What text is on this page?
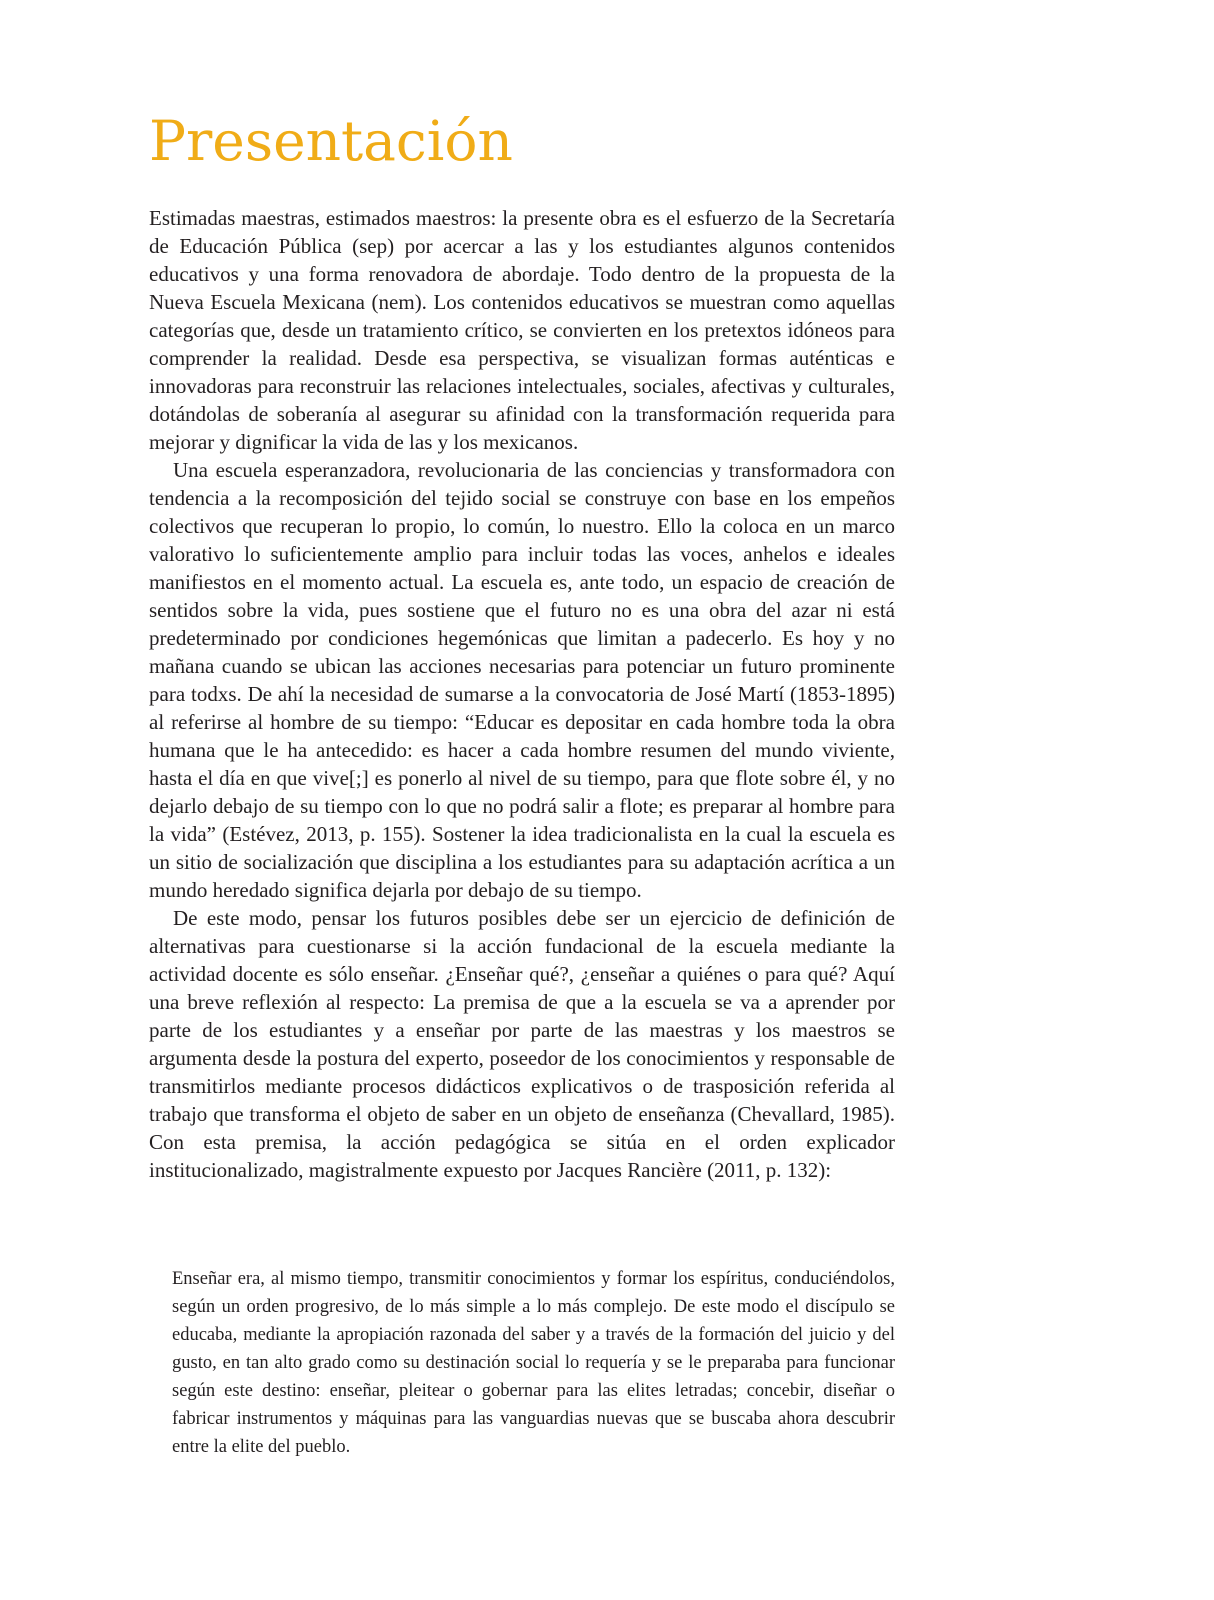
Presentación

Estimadas maestras, estimados maestros: la presente obra es el esfuerzo de la Secretaría de Educación Pública (sep) por acercar a las y los estudiantes algunos contenidos educativos y una forma renovadora de abordaje. Todo dentro de la propuesta de la Nueva Escuela Mexicana (nem). Los contenidos educativos se muestran como aquellas categorías que, desde un tratamiento crítico, se convierten en los pretextos idóneos para comprender la realidad. Desde esa perspectiva, se visualizan formas auténticas e innovadoras para reconstruir las relaciones intelectuales, sociales, afectivas y culturales, dotándolas de soberanía al asegurar su afinidad con la transformación requerida para mejorar y dignificar la vida de las y los mexicanos.

Una escuela esperanzadora, revolucionaria de las conciencias y transformadora con tendencia a la recomposición del tejido social se construye con base en los empeños colectivos que recuperan lo propio, lo común, lo nuestro. Ello la coloca en un marco valorativo lo suficientemente amplio para incluir todas las voces, anhelos e ideales manifiestos en el momento actual. La escuela es, ante todo, un espacio de creación de sentidos sobre la vida, pues sostiene que el futuro no es una obra del azar ni está predeterminado por condiciones hegemónicas que limitan a padecerlo. Es hoy y no mañana cuando se ubican las acciones necesarias para potenciar un futuro prominente para todxs. De ahí la necesidad de sumarse a la convocatoria de José Martí (1853-1895) al referirse al hombre de su tiempo: “Educar es depositar en cada hombre toda la obra humana que le ha antecedido: es hacer a cada hombre resumen del mundo viviente, hasta el día en que vive[;] es ponerlo al nivel de su tiempo, para que flote sobre él, y no dejarlo debajo de su tiempo con lo que no podrá salir a flote; es preparar al hombre para la vida” (Estévez, 2013, p. 155). Sostener la idea tradicionalista en la cual la escuela es un sitio de socialización que disciplina a los estudiantes para su adaptación acrítica a un mundo heredado significa dejarla por debajo de su tiempo.

De este modo, pensar los futuros posibles debe ser un ejercicio de definición de alternativas para cuestionarse si la acción fundacional de la escuela mediante la actividad docente es sólo enseñar. ¿Enseñar qué?, ¿enseñar a quiénes o para qué? Aquí una breve reflexión al respecto: La premisa de que a la escuela se va a aprender por parte de los estudiantes y a enseñar por parte de las maestras y los maestros se argumenta desde la postura del experto, poseedor de los conocimientos y responsable de transmitirlos mediante procesos didácticos explicativos o de trasposición referida al trabajo que transforma el objeto de saber en un objeto de enseñanza (Chevallard, 1985). Con esta premisa, la acción pedagógica se sitúa en el orden explicador institucionalizado, magistralmente expuesto por Jacques Rancière (2011, p. 132):

Enseñar era, al mismo tiempo, transmitir conocimientos y formar los espíritus, conduciéndolos, según un orden progresivo, de lo más simple a lo más complejo. De este modo el discípulo se educaba, mediante la apropiación razonada del saber y a través de la formación del juicio y del gusto, en tan alto grado como su destinación social lo requería y se le preparaba para funcionar según este destino: enseñar, pleitear o gobernar para las elites letradas; concebir, diseñar o fabricar instrumentos y máquinas para las vanguardias nuevas que se buscaba ahora descubrir entre la elite del pueblo.
